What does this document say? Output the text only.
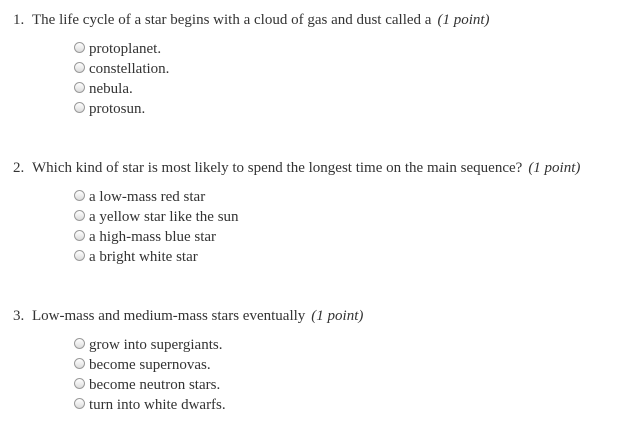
1. The life cycle of a star begins with a cloud of gas and dust called a (1 point)
protoplanet.
constellation.
nebula.
protosun.
2. Which kind of star is most likely to spend the longest time on the main sequence? (1 point)
a low-mass red star
a yellow star like the sun
a high-mass blue star
a bright white star
3. Low-mass and medium-mass stars eventually (1 point)
grow into supergiants.
become supernovas.
become neutron stars.
turn into white dwarfs.
